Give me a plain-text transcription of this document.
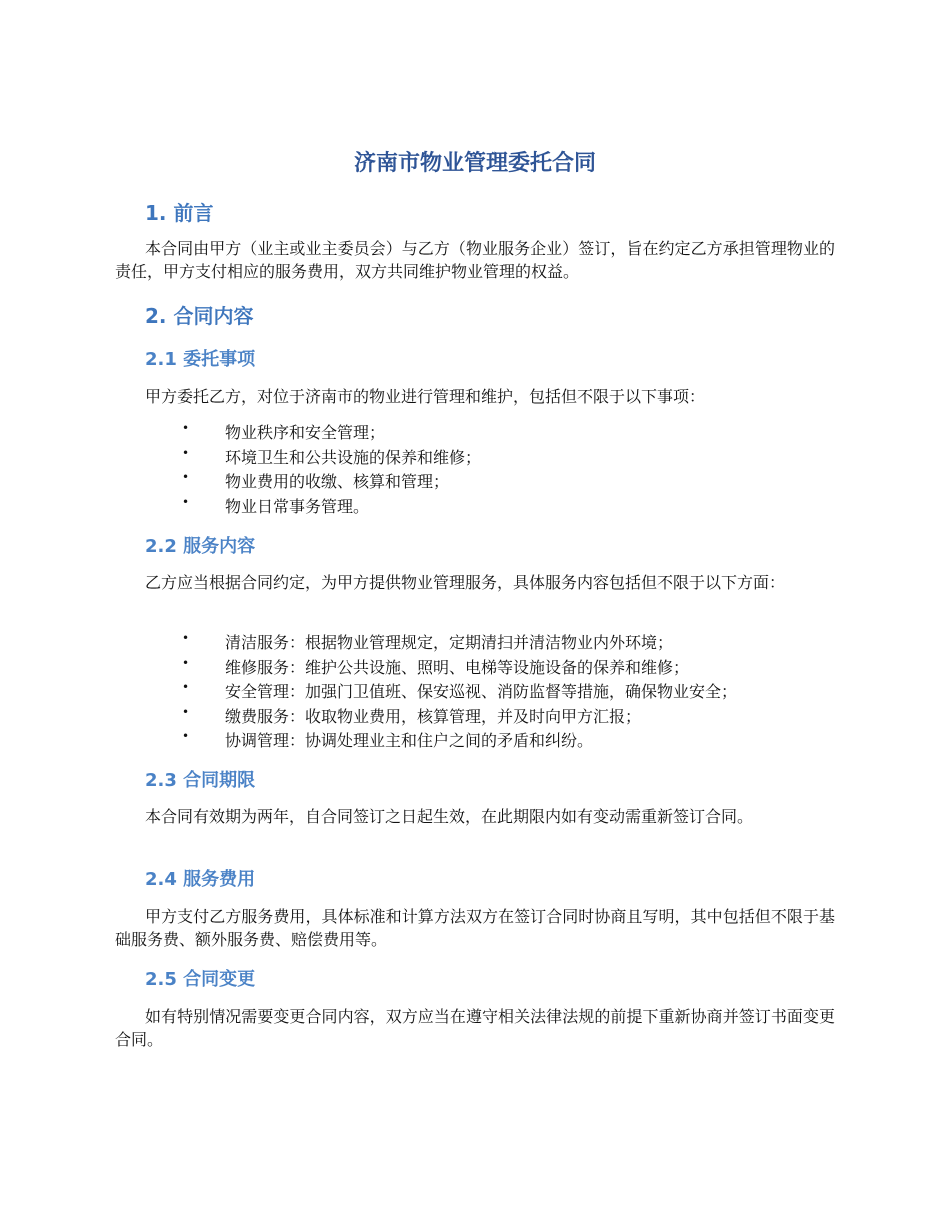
济南市物业管理委托合同
1. 前言
本合同由甲方（业主或业主委员会）与乙方（物业服务企业）签订，旨在约定乙方承担管理物业的责任，甲方支付相应的服务费用，双方共同维护物业管理的权益。
2. 合同内容
2.1 委托事项
甲方委托乙方，对位于济南市的物业进行管理和维护，包括但不限于以下事项：
• 物业秩序和安全管理；
• 环境卫生和公共设施的保养和维修；
• 物业费用的收缴、核算和管理；
• 物业日常事务管理。
2.2 服务内容
乙方应当根据合同约定，为甲方提供物业管理服务，具体服务内容包括但不限于以下方面：
• 清洁服务：根据物业管理规定，定期清扫并清洁物业内外环境；
• 维修服务：维护公共设施、照明、电梯等设施设备的保养和维修；
• 安全管理：加强门卫值班、保安巡视、消防监督等措施，确保物业安全；
• 缴费服务：收取物业费用，核算管理，并及时向甲方汇报；
• 协调管理：协调处理业主和住户之间的矛盾和纠纷。
2.3 合同期限
本合同有效期为两年，自合同签订之日起生效，在此期限内如有变动需重新签订合同。
2.4 服务费用
甲方支付乙方服务费用，具体标准和计算方法双方在签订合同时协商且写明，其中包括但不限于基础服务费、额外服务费、赔偿费用等。
2.5 合同变更
如有特别情况需要变更合同内容，双方应当在遵守相关法律法规的前提下重新协商并签订书面变更合同。
